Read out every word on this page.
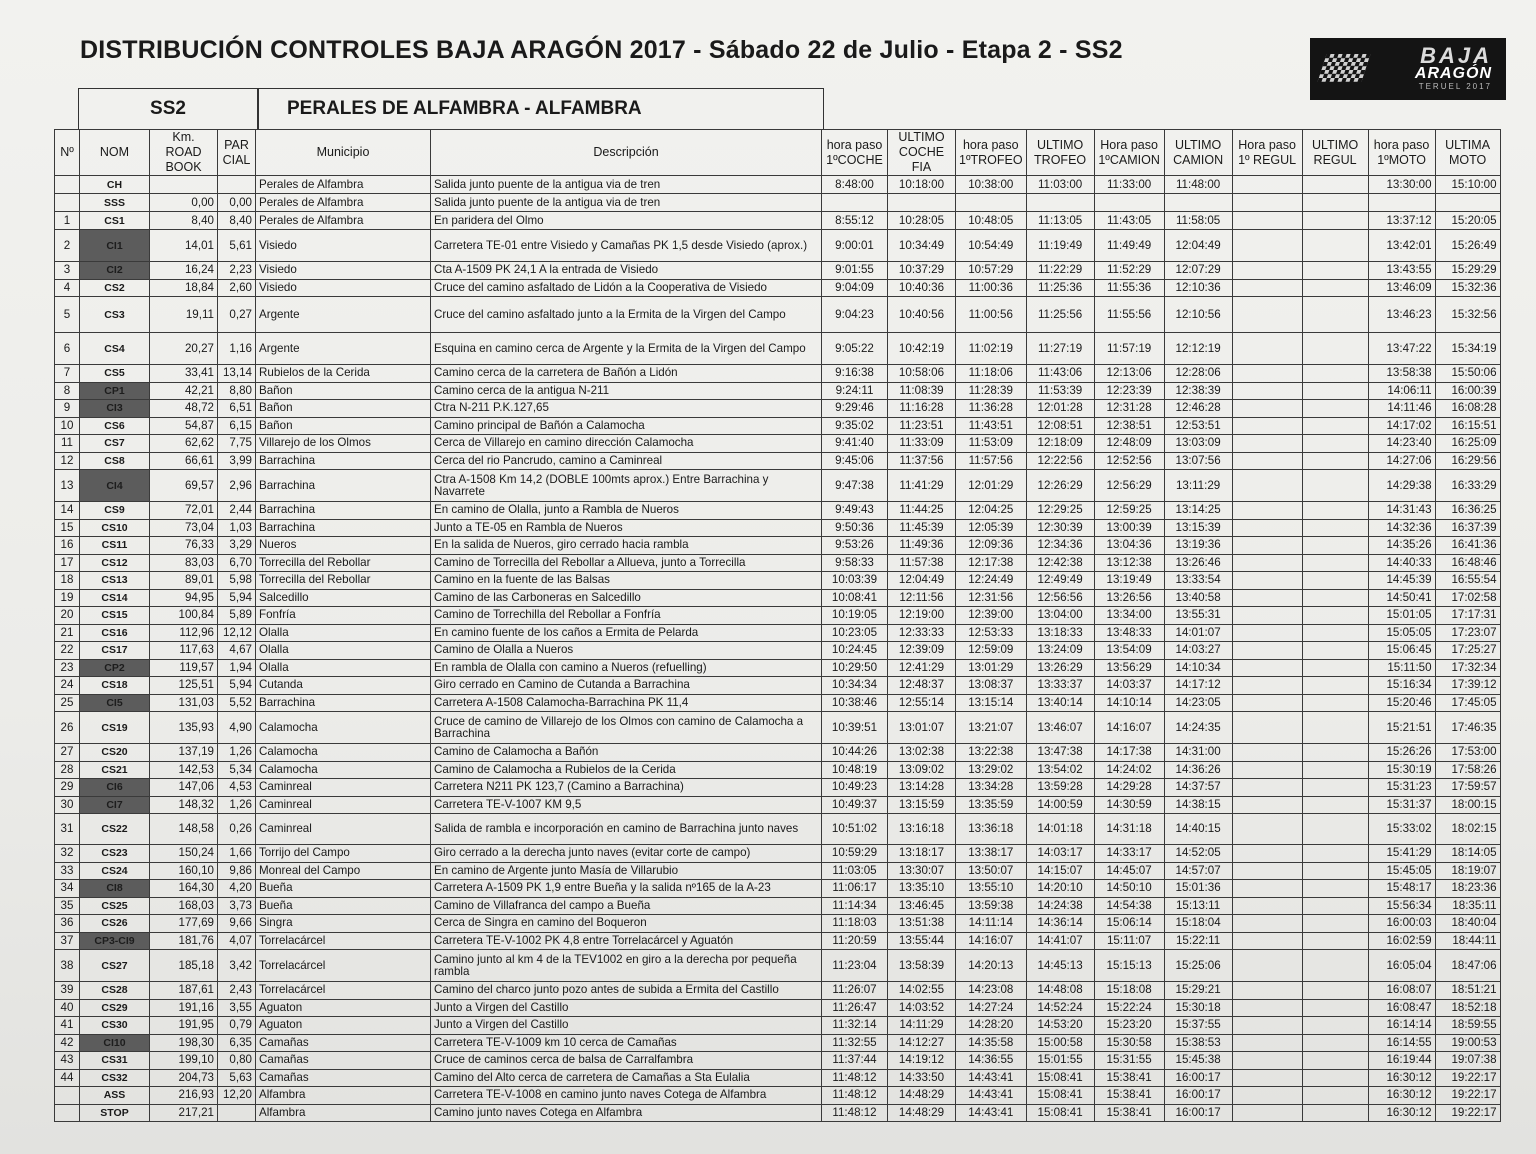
DISTRIBUCIÓN CONTROLES BAJA ARAGÓN 2017 - Sábado 22 de Julio - Etapa 2 - SS2	BAJA
ARAGÓN
TERUEL 2017
SS2	PERALES DE ALFAMBRA - ALFAMBRA
Nº	NOM	Km. ROAD BOOK	PAR CIAL	Municipio	Descripción	hora paso 1ºCOCHE	ULTIMO COCHE FIA	hora paso 1ºTROFEO	ULTIMO TROFEO	Hora paso 1ºCAMION	ULTIMO CAMION	Hora paso 1º REGUL	ULTIMO REGUL	hora paso 1ºMOTO	ULTIMA MOTO
	CH			Perales de Alfambra	Salida junto puente de la antigua via de tren	8:48:00	10:18:00	10:38:00	11:03:00	11:33:00	11:48:00			13:30:00	15:10:00
	SSS	0,00	0,00	Perales de Alfambra	Salida junto puente de la antigua via de tren										
1	CS1	8,40	8,40	Perales de Alfambra	En paridera del Olmo	8:55:12	10:28:05	10:48:05	11:13:05	11:43:05	11:58:05			13:37:12	15:20:05
2	CI1	14,01	5,61	Visiedo	Carretera TE-01 entre Visiedo y Camañas PK 1,5 desde Visiedo (aprox.)	9:00:01	10:34:49	10:54:49	11:19:49	11:49:49	12:04:49			13:42:01	15:26:49
3	CI2	16,24	2,23	Visiedo	Cta A-1509 PK 24,1 A la entrada de Visiedo	9:01:55	10:37:29	10:57:29	11:22:29	11:52:29	12:07:29			13:43:55	15:29:29
4	CS2	18,84	2,60	Visiedo	Cruce del camino asfaltado de Lidón a la Cooperativa de Visiedo	9:04:09	10:40:36	11:00:36	11:25:36	11:55:36	12:10:36			13:46:09	15:32:36
5	CS3	19,11	0,27	Argente	Cruce del camino asfaltado junto a la Ermita de la Virgen del Campo	9:04:23	10:40:56	11:00:56	11:25:56	11:55:56	12:10:56			13:46:23	15:32:56
6	CS4	20,27	1,16	Argente	Esquina en camino cerca de Argente y la Ermita de la Virgen del Campo	9:05:22	10:42:19	11:02:19	11:27:19	11:57:19	12:12:19			13:47:22	15:34:19
7	CS5	33,41	13,14	Rubielos de la Cerida	Camino cerca de la carretera de Bañón a Lidón	9:16:38	10:58:06	11:18:06	11:43:06	12:13:06	12:28:06			13:58:38	15:50:06
8	CP1	42,21	8,80	Bañon	Camino cerca de la antigua N-211	9:24:11	11:08:39	11:28:39	11:53:39	12:23:39	12:38:39			14:06:11	16:00:39
9	CI3	48,72	6,51	Bañon	Ctra N-211 P.K.127,65	9:29:46	11:16:28	11:36:28	12:01:28	12:31:28	12:46:28			14:11:46	16:08:28
10	CS6	54,87	6,15	Bañon	Camino principal de Bañón a Calamocha	9:35:02	11:23:51	11:43:51	12:08:51	12:38:51	12:53:51			14:17:02	16:15:51
11	CS7	62,62	7,75	Villarejo de los Olmos	Cerca de Villarejo en camino dirección Calamocha	9:41:40	11:33:09	11:53:09	12:18:09	12:48:09	13:03:09			14:23:40	16:25:09
12	CS8	66,61	3,99	Barrachina	Cerca del rio Pancrudo, camino a Caminreal	9:45:06	11:37:56	11:57:56	12:22:56	12:52:56	13:07:56			14:27:06	16:29:56
13	CI4	69,57	2,96	Barrachina	Ctra A-1508 Km 14,2 (DOBLE 100mts aprox.) Entre Barrachina y Navarrete	9:47:38	11:41:29	12:01:29	12:26:29	12:56:29	13:11:29			14:29:38	16:33:29
14	CS9	72,01	2,44	Barrachina	En camino de Olalla, junto a Rambla de Nueros	9:49:43	11:44:25	12:04:25	12:29:25	12:59:25	13:14:25			14:31:43	16:36:25
15	CS10	73,04	1,03	Barrachina	Junto a TE-05 en Rambla de Nueros	9:50:36	11:45:39	12:05:39	12:30:39	13:00:39	13:15:39			14:32:36	16:37:39
16	CS11	76,33	3,29	Nueros	En la salida de Nueros, giro cerrado hacia rambla	9:53:26	11:49:36	12:09:36	12:34:36	13:04:36	13:19:36			14:35:26	16:41:36
17	CS12	83,03	6,70	Torrecilla del Rebollar	Camino de Torrecilla del Rebollar a Allueva, junto a Torrecilla	9:58:33	11:57:38	12:17:38	12:42:38	13:12:38	13:26:46			14:40:33	16:48:46
18	CS13	89,01	5,98	Torrecilla del Rebollar	Camino en la fuente de las Balsas	10:03:39	12:04:49	12:24:49	12:49:49	13:19:49	13:33:54			14:45:39	16:55:54
19	CS14	94,95	5,94	Salcedillo	Camino de las Carboneras en Salcedillo	10:08:41	12:11:56	12:31:56	12:56:56	13:26:56	13:40:58			14:50:41	17:02:58
20	CS15	100,84	5,89	Fonfría	Camino de Torrechilla del Rebollar a Fonfría	10:19:05	12:19:00	12:39:00	13:04:00	13:34:00	13:55:31			15:01:05	17:17:31
21	CS16	112,96	12,12	Olalla	En camino fuente de los caños a Ermita de Pelarda	10:23:05	12:33:33	12:53:33	13:18:33	13:48:33	14:01:07			15:05:05	17:23:07
22	CS17	117,63	4,67	Olalla	Camino de Olalla a Nueros	10:24:45	12:39:09	12:59:09	13:24:09	13:54:09	14:03:27			15:06:45	17:25:27
23	CP2	119,57	1,94	Olalla	En rambla de Olalla con camino a Nueros (refuelling)	10:29:50	12:41:29	13:01:29	13:26:29	13:56:29	14:10:34			15:11:50	17:32:34
24	CS18	125,51	5,94	Cutanda	Giro cerrado en Camino de Cutanda a Barrachina	10:34:34	12:48:37	13:08:37	13:33:37	14:03:37	14:17:12			15:16:34	17:39:12
25	CI5	131,03	5,52	Barrachina	Carretera A-1508 Calamocha-Barrachina PK 11,4	10:38:46	12:55:14	13:15:14	13:40:14	14:10:14	14:23:05			15:20:46	17:45:05
26	CS19	135,93	4,90	Calamocha	Cruce de camino de Villarejo de los Olmos con camino de Calamocha a Barrachina	10:39:51	13:01:07	13:21:07	13:46:07	14:16:07	14:24:35			15:21:51	17:46:35
27	CS20	137,19	1,26	Calamocha	Camino de Calamocha a Bañón	10:44:26	13:02:38	13:22:38	13:47:38	14:17:38	14:31:00			15:26:26	17:53:00
28	CS21	142,53	5,34	Calamocha	Camino de Calamocha a Rubielos de la Cerida	10:48:19	13:09:02	13:29:02	13:54:02	14:24:02	14:36:26			15:30:19	17:58:26
29	CI6	147,06	4,53	Caminreal	Carretera N211 PK 123,7 (Camino a Barrachina)	10:49:23	13:14:28	13:34:28	13:59:28	14:29:28	14:37:57			15:31:23	17:59:57
30	CI7	148,32	1,26	Caminreal	Carretera TE-V-1007 KM 9,5	10:49:37	13:15:59	13:35:59	14:00:59	14:30:59	14:38:15			15:31:37	18:00:15
31	CS22	148,58	0,26	Caminreal	Salida de rambla e incorporación en camino de Barrachina junto naves	10:51:02	13:16:18	13:36:18	14:01:18	14:31:18	14:40:15			15:33:02	18:02:15
32	CS23	150,24	1,66	Torrijo del Campo	Giro cerrado a la derecha junto naves (evitar corte de campo)	10:59:29	13:18:17	13:38:17	14:03:17	14:33:17	14:52:05			15:41:29	18:14:05
33	CS24	160,10	9,86	Monreal del Campo	En camino de Argente junto Masía de Villarubio	11:03:05	13:30:07	13:50:07	14:15:07	14:45:07	14:57:07			15:45:05	18:19:07
34	CI8	164,30	4,20	Bueña	Carretera A-1509 PK 1,9 entre Bueña y la salida nº165 de la A-23	11:06:17	13:35:10	13:55:10	14:20:10	14:50:10	15:01:36			15:48:17	18:23:36
35	CS25	168,03	3,73	Bueña	Camino de Villafranca del campo a Bueña	11:14:34	13:46:45	13:59:38	14:24:38	14:54:38	15:13:11			15:56:34	18:35:11
36	CS26	177,69	9,66	Singra	Cerca de Singra en camino del Boqueron	11:18:03	13:51:38	14:11:14	14:36:14	15:06:14	15:18:04			16:00:03	18:40:04
37	CP3-CI9	181,76	4,07	Torrelacárcel	Carretera TE-V-1002 PK 4,8 entre Torrelacárcel y Aguatón	11:20:59	13:55:44	14:16:07	14:41:07	15:11:07	15:22:11			16:02:59	18:44:11
38	CS27	185,18	3,42	Torrelacárcel	Camino junto al km 4 de la TEV1002 en giro a la derecha por pequeña rambla	11:23:04	13:58:39	14:20:13	14:45:13	15:15:13	15:25:06			16:05:04	18:47:06
39	CS28	187,61	2,43	Torrelacárcel	Camino del charco junto pozo antes de subida a Ermita del Castillo	11:26:07	14:02:55	14:23:08	14:48:08	15:18:08	15:29:21			16:08:07	18:51:21
40	CS29	191,16	3,55	Aguaton	Junto a Virgen del Castillo	11:26:47	14:03:52	14:27:24	14:52:24	15:22:24	15:30:18			16:08:47	18:52:18
41	CS30	191,95	0,79	Aguaton	Junto a Virgen del Castillo	11:32:14	14:11:29	14:28:20	14:53:20	15:23:20	15:37:55			16:14:14	18:59:55
42	CI10	198,30	6,35	Camañas	Carretera TE-V-1009 km 10 cerca de Camañas	11:32:55	14:12:27	14:35:58	15:00:58	15:30:58	15:38:53			16:14:55	19:00:53
43	CS31	199,10	0,80	Camañas	Cruce de caminos cerca de balsa de Carralfambra	11:37:44	14:19:12	14:36:55	15:01:55	15:31:55	15:45:38			16:19:44	19:07:38
44	CS32	204,73	5,63	Camañas	Camino del Alto cerca de carretera de Camañas a Sta Eulalia	11:48:12	14:33:50	14:43:41	15:08:41	15:38:41	16:00:17			16:30:12	19:22:17
	ASS	216,93	12,20	Alfambra	Carretera TE-V-1008 en camino junto naves Cotega de Alfambra	11:48:12	14:48:29	14:43:41	15:08:41	15:38:41	16:00:17			16:30:12	19:22:17
	STOP	217,21		Alfambra	Camino junto naves Cotega en Alfambra	11:48:12	14:48:29	14:43:41	15:08:41	15:38:41	16:00:17			16:30:12	19:22:17
